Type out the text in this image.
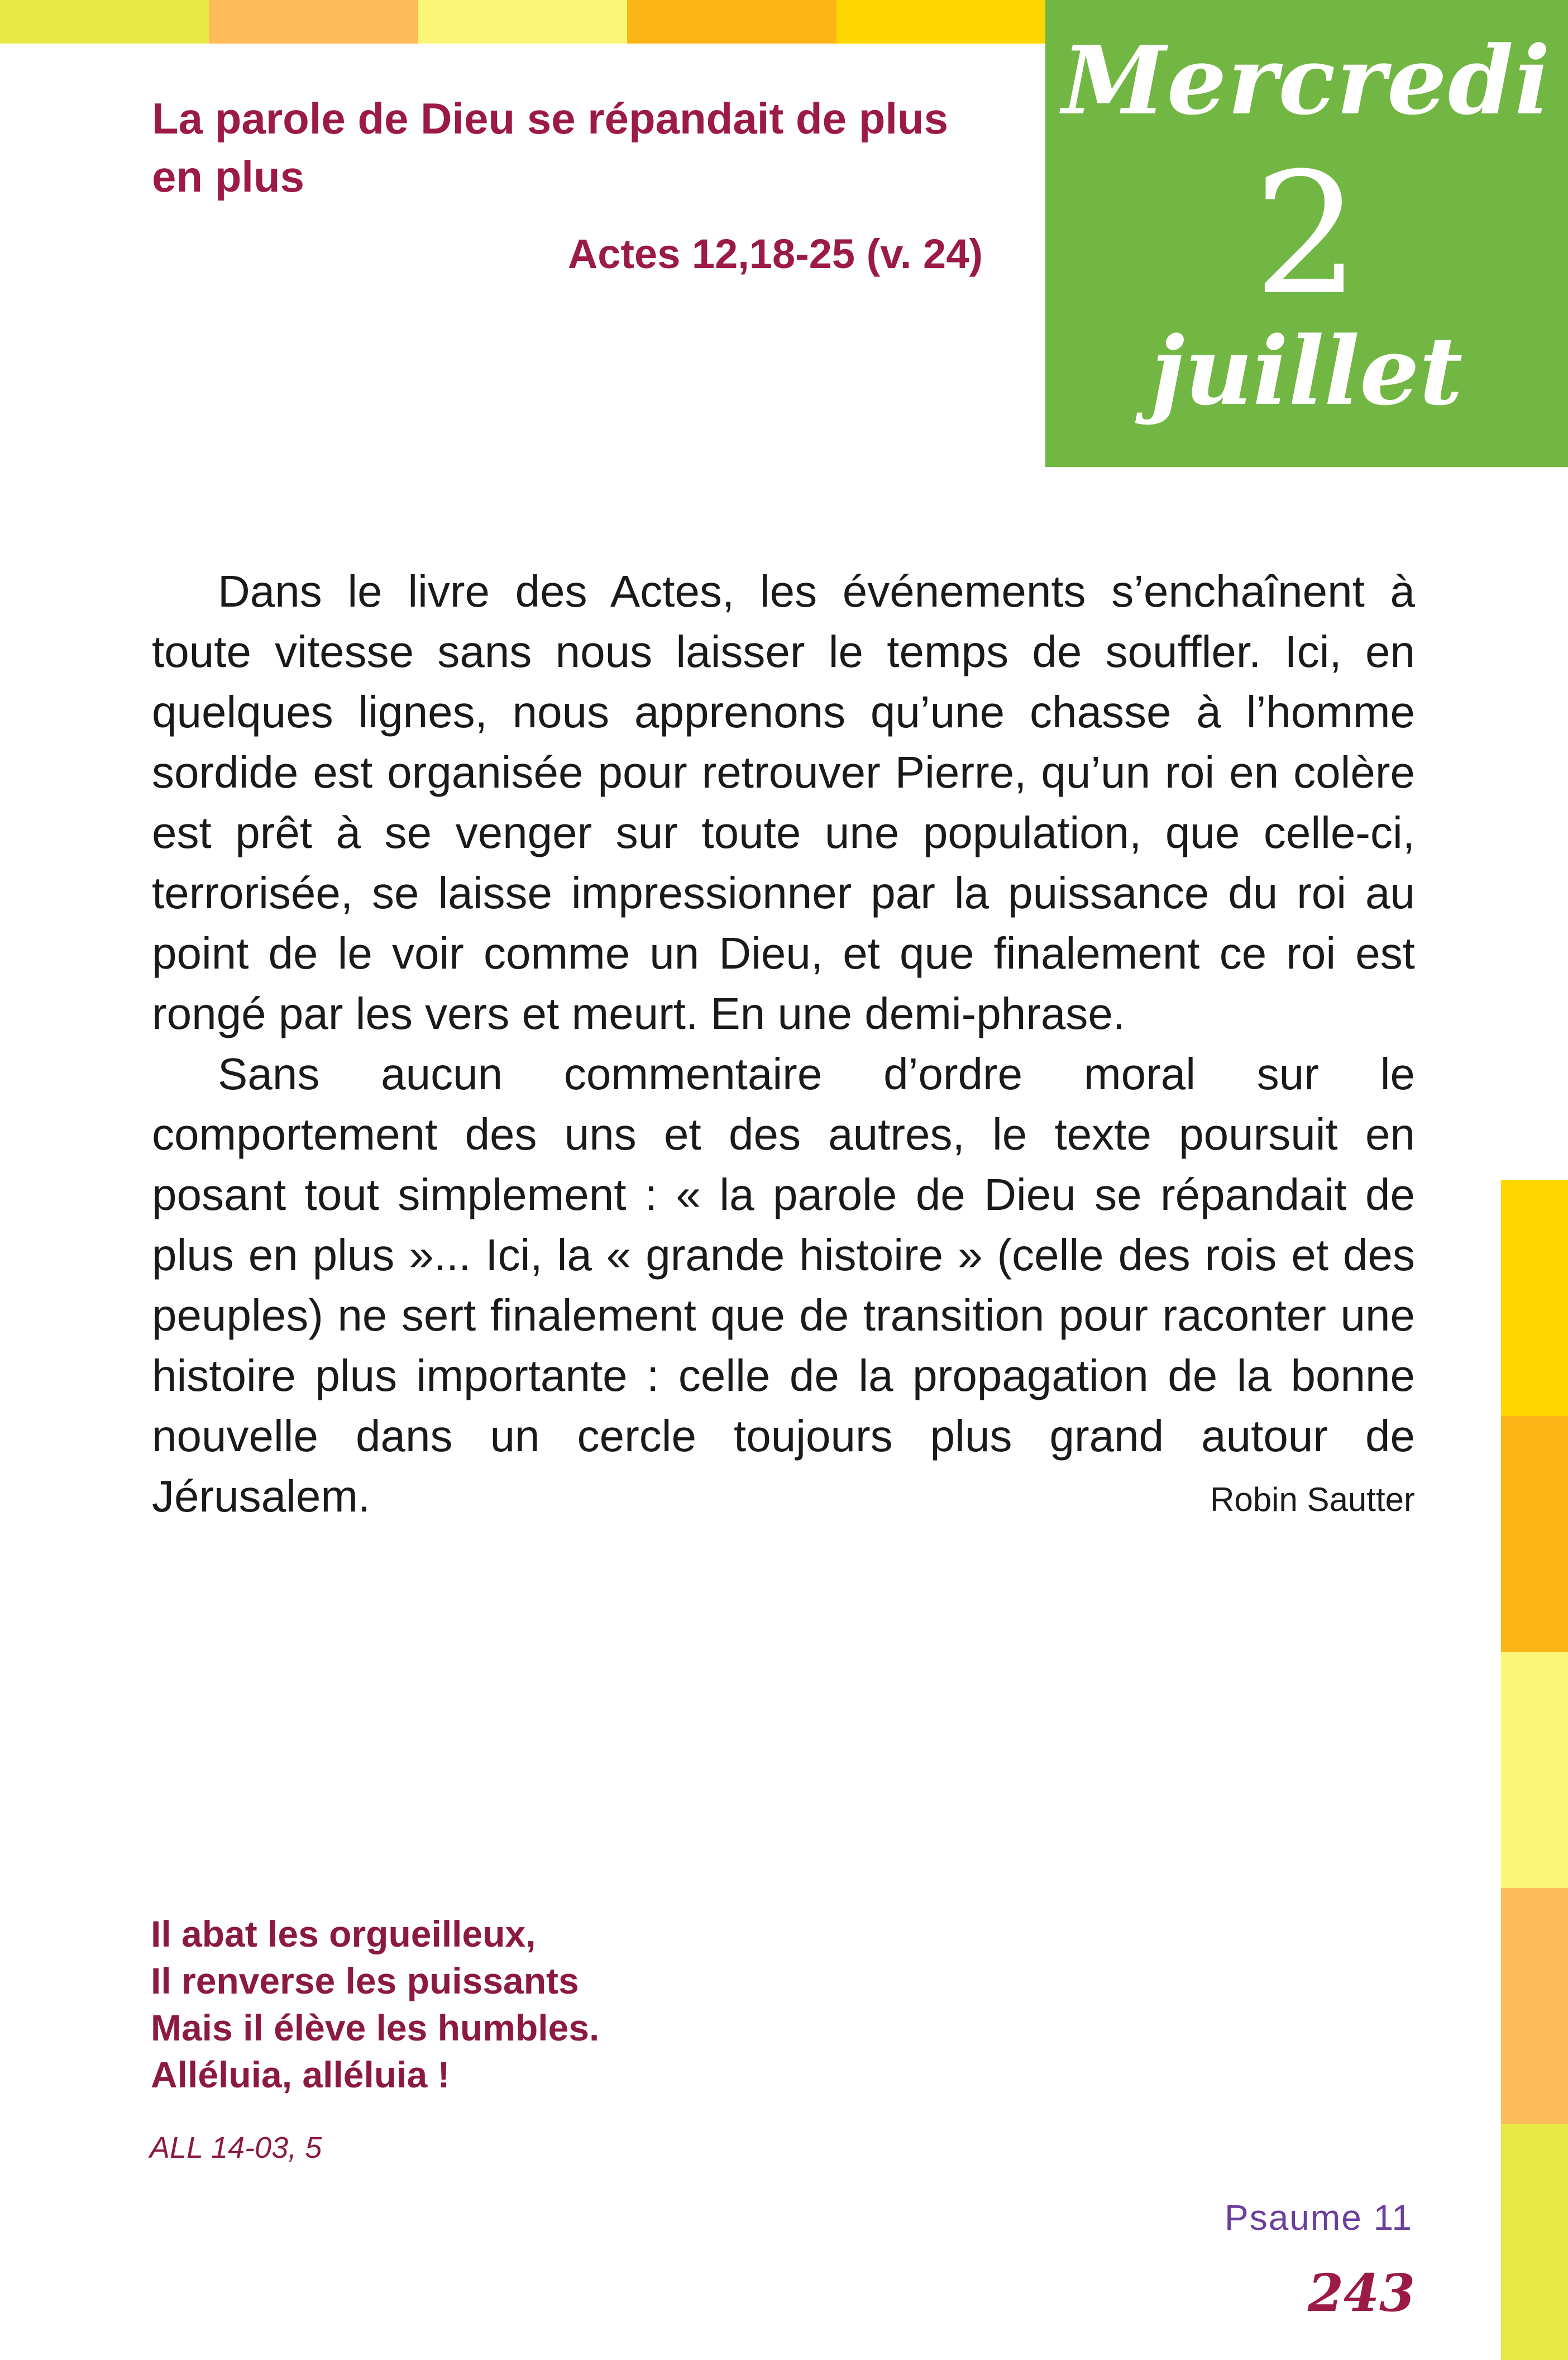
Mercredi
2
juillet
La parole de Dieu se répandait de plus en plus
Actes 12,18-25 (v. 24)

Dans le livre des Actes, les événements s’enchaînent à toute vitesse sans nous laisser le temps de souffler. Ici, en quelques lignes, nous apprenons qu’une chasse à l’homme sordide est organisée pour retrouver Pierre, qu’un roi en colère est prêt à se venger sur toute une population, que celle-ci, terrorisée, se laisse impressionner par la puissance du roi au point de le voir comme un Dieu, et que finalement ce roi est rongé par les vers et meurt. En une demi-phrase.

Sans aucun commentaire d’ordre moral sur le comportement des uns et des autres, le texte poursuit en posant tout simplement : « la parole de Dieu se répandait de plus en plus »... Ici, la « grande histoire » (celle des rois et des peuples) ne sert finalement que de transition pour raconter une histoire plus importante : celle de la propagation de la bonne nouvelle dans un cercle toujours plus grand autour de Jérusalem.	Robin Sautter
Il abat les orgueilleux,
Il renverse les puissants
Mais il élève les humbles.
Alléluia, alléluia !
ALL 14-03, 5
Psaume 11
243
